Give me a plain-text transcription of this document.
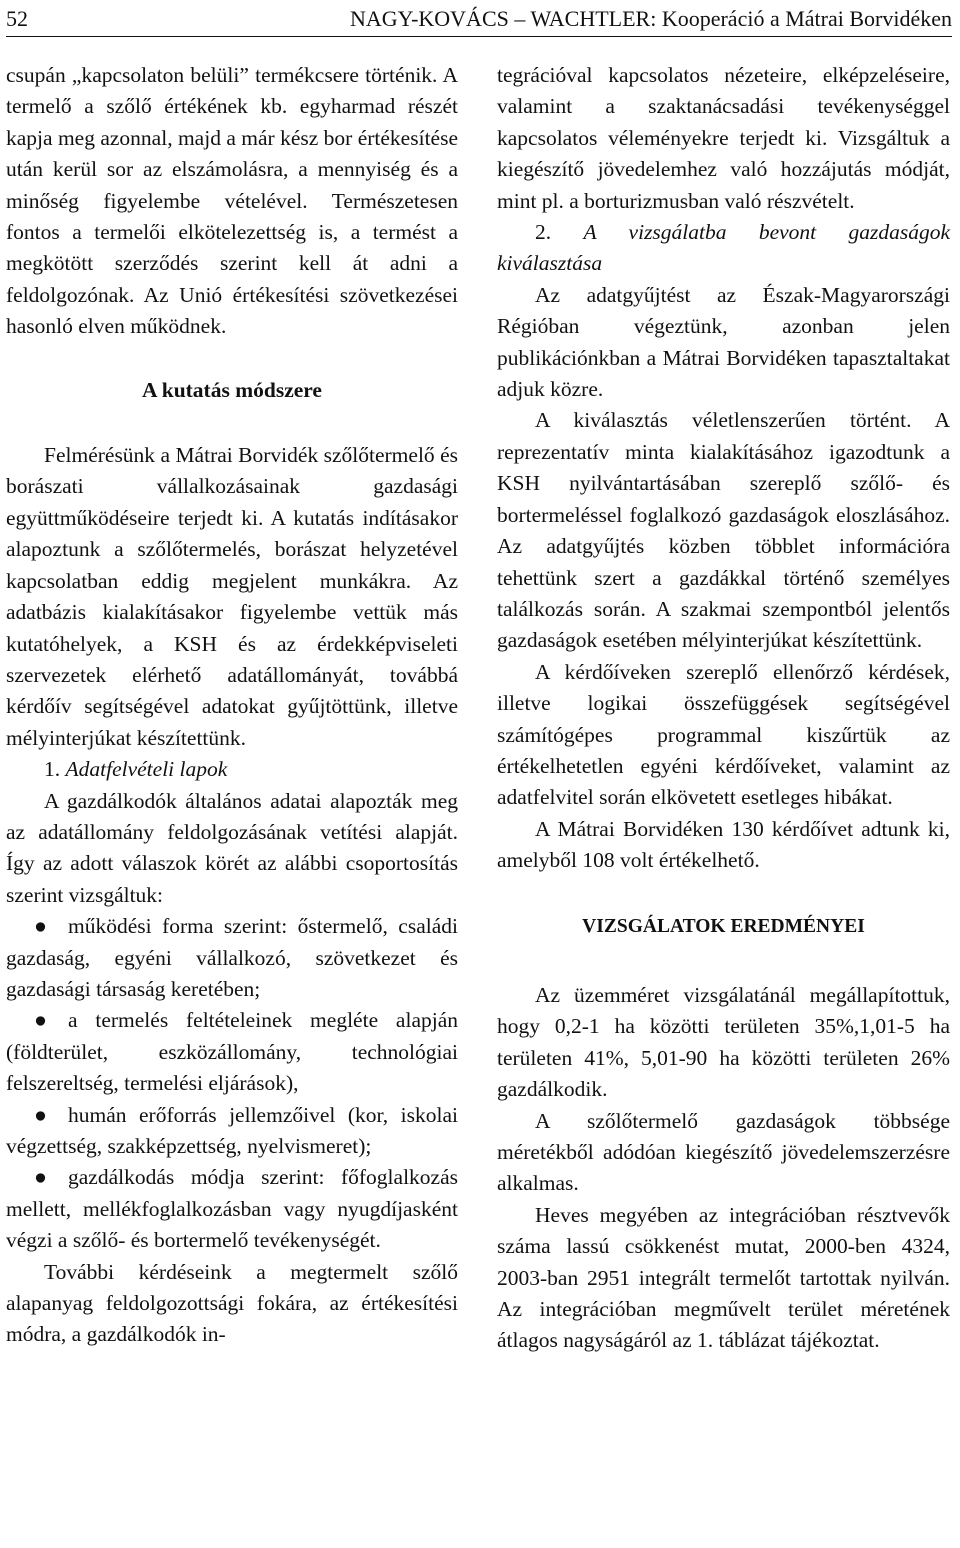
52	NAGY-KOVÁCS – WACHTLER: Kooperáció a Mátrai Borvidéken

csupán „kapcsolaton belüli” termékcsere történik. A termelő a szőlő értékének kb. egyharmad részét kapja meg azonnal, majd a már kész bor értékesítése után kerül sor az elszámolásra, a mennyiség és a minőség figyelembe vételével. Természetesen fontos a termelői elkötelezettség is, a termést a megkötött szerződés szerint kell át adni a feldolgozónak. Az Unió értékesítési szövetkezései hasonló elven működnek.

A kutatás módszere

Felmérésünk a Mátrai Borvidék szőlőtermelő és borászati vállalkozásainak gazdasági együttműködéseire terjedt ki. A kutatás indításakor alapoztunk a szőlőtermelés, borászat helyzetével kapcsolatban eddig megjelent munkákra. Az adatbázis kialakításakor figyelembe vettük más kutatóhelyek, a KSH és az érdekképviseleti szervezetek elérhető adatállományát, továbbá kérdőív segítségével adatokat gyűjtöttünk, illetve mélyinterjúkat készítettünk.

1. Adatfelvételi lapok

A gazdálkodók általános adatai alapozták meg az adatállomány feldolgozásának vetítési alapját. Így az adott válaszok körét az alábbi csoportosítás szerint vizsgáltuk:

● működési forma szerint: őstermelő, családi gazdaság, egyéni vállalkozó, szövetkezet és gazdasági társaság keretében;
● a termelés feltételeinek megléte alapján (földterület, eszközállomány, technológiai felszereltség, termelési eljárások),
● humán erőforrás jellemzőivel (kor, iskolai végzettség, szakképzettség, nyelvismeret);
● gazdálkodás módja szerint: főfoglalkozás mellett, mellékfoglalkozásban vagy nyugdíjasként végzi a szőlő- és bortermelő tevékenységét.

További kérdéseink a megtermelt szőlő alapanyag feldolgozottsági fokára, az értékesítési módra, a gazdálkodók in-

tegrációval kapcsolatos nézeteire, elképzeléseire, valamint a szaktanácsadási tevékenységgel kapcsolatos véleményekre terjedt ki. Vizsgáltuk a kiegészítő jövedelemhez való hozzájutás módját, mint pl. a borturizmusban való részvételt.

2. A vizsgálatba bevont gazdaságok kiválasztása

Az adatgyűjtést az Észak-Magyarországi Régióban végeztünk, azonban jelen publikációnkban a Mátrai Borvidéken tapasztaltakat adjuk közre.

A kiválasztás véletlenszerűen történt. A reprezentatív minta kialakításához igazodtunk a KSH nyilvántartásában szereplő szőlő- és bortermeléssel foglalkozó gazdaságok eloszlásához. Az adatgyűjtés közben többlet információra tehettünk szert a gazdákkal történő személyes találkozás során. A szakmai szempontból jelentős gazdaságok esetében mélyinterjúkat készítettünk.

A kérdőíveken szereplő ellenőrző kérdések, illetve logikai összefüggések segítségével számítógépes programmal kiszűrtük az értékelhetetlen egyéni kérdőíveket, valamint az adatfelvitel során elkövetett esetleges hibákat.

A Mátrai Borvidéken 130 kérdőívet adtunk ki, amelyből 108 volt értékelhető.

VIZSGÁLATOK EREDMÉNYEI

Az üzemméret vizsgálatánál megállapítottuk, hogy 0,2-1 ha közötti területen 35%,1,01-5 ha területen 41%, 5,01-90 ha közötti területen 26% gazdálkodik.

A szőlőtermelő gazdaságok többsége méretékből adódóan kiegészítő jövedelemszerzésre alkalmas.

Heves megyében az integrációban résztvevők száma lassú csökkenést mutat, 2000-ben 4324, 2003-ban 2951 integrált termelőt tartottak nyilván. Az integrációban megművelt terület méretének átlagos nagyságáról az 1. táblázat tájékoztat.
